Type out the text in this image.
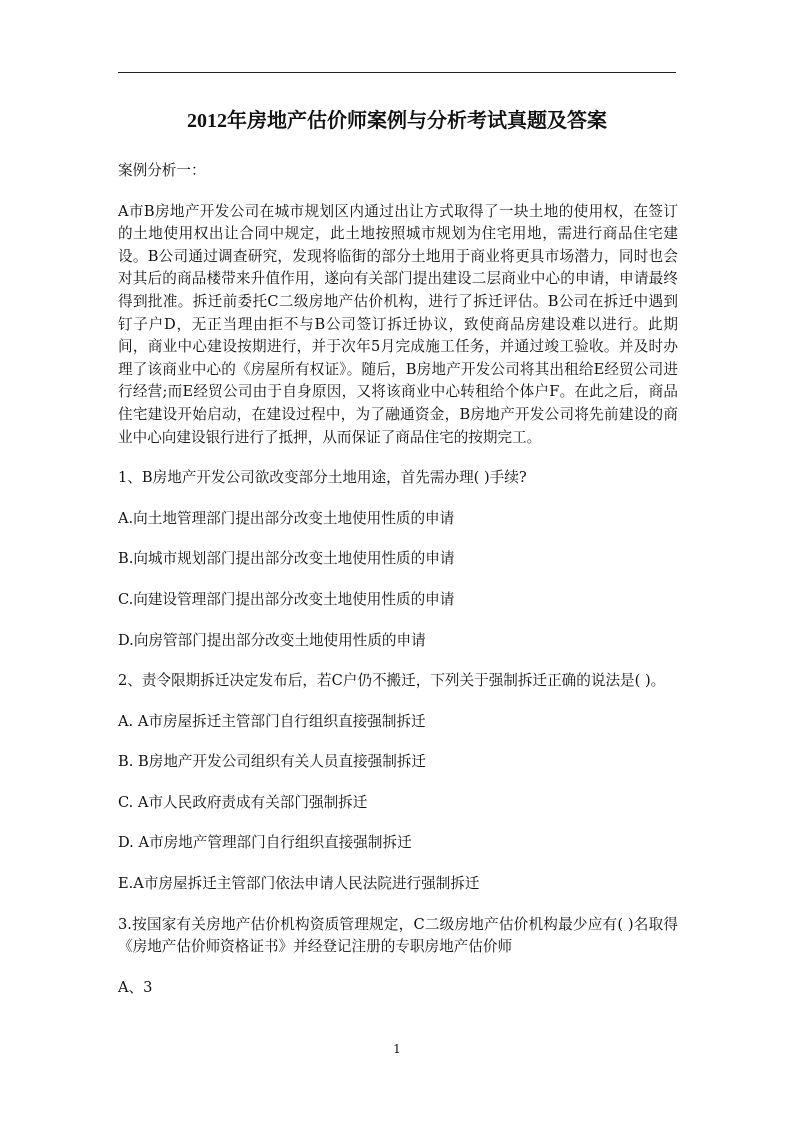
2012年房地产估价师案例与分析考试真题及答案

案例分析一：

A市B房地产开发公司在城市规划区内通过出让方式取得了一块土地的使用权，在签订的土地使用权出让合同中规定，此土地按照城市规划为住宅用地，需进行商品住宅建设。B公司通过调查研究，发现将临街的部分土地用于商业将更具市场潜力，同时也会对其后的商品楼带来升值作用，遂向有关部门提出建设二层商业中心的申请，申请最终得到批准。拆迁前委托C二级房地产估价机构，进行了拆迁评估。B公司在拆迁中遇到钉子户D，无正当理由拒不与B公司签订拆迁协议，致使商品房建设难以进行。此期间，商业中心建设按期进行，并于次年5月完成施工任务，并通过竣工验收。并及时办理了该商业中心的《房屋所有权证》。随后，B房地产开发公司将其出租给E经贸公司进行经营;而E经贸公司由于自身原因，又将该商业中心转租给个体户F。在此之后，商品住宅建设开始启动，在建设过程中，为了融通资金，B房地产开发公司将先前建设的商业中心向建设银行进行了抵押，从而保证了商品住宅的按期完工。

1、B房地产开发公司欲改变部分土地用途，首先需办理( )手续?

A.向土地管理部门提出部分改变土地使用性质的申请

B.向城市规划部门提出部分改变土地使用性质的申请

C.向建设管理部门提出部分改变土地使用性质的申请

D.向房管部门提出部分改变土地使用性质的申请

2、责令限期拆迁决定发布后，若C户仍不搬迁，下列关于强制拆迁正确的说法是( )。

A. A市房屋拆迁主管部门自行组织直接强制拆迁

B. B房地产开发公司组织有关人员直接强制拆迁

C. A市人民政府责成有关部门强制拆迁

D. A市房地产管理部门自行组织直接强制拆迁

E.A市房屋拆迁主管部门依法申请人民法院进行强制拆迁

3.按国家有关房地产估价机构资质管理规定，C二级房地产估价机构最少应有( )名取得《房地产估价师资格证书》并经登记注册的专职房地产估价师

A、3

1
